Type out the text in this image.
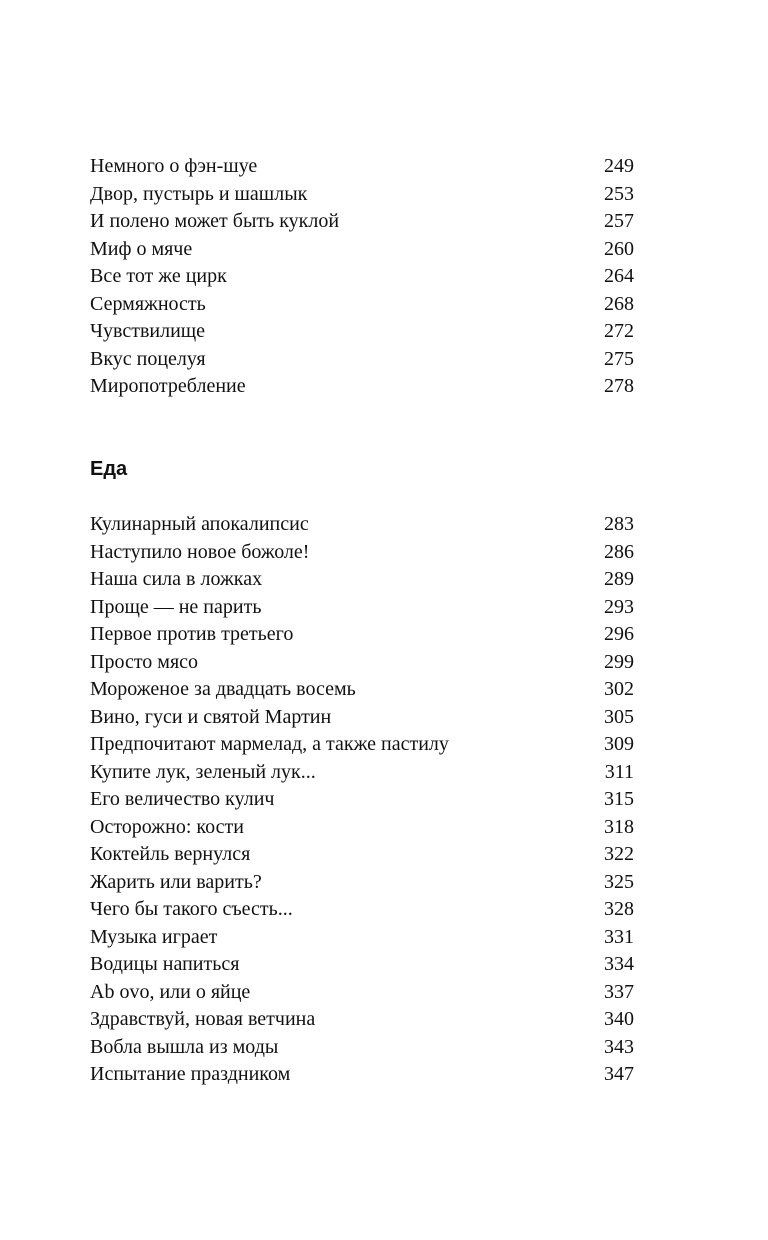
Немного о фэн-шуе	249
Двор, пустырь и шашлык	253
И полено может быть куклой	257
Миф о мяче	260
Все тот же цирк	264
Сермяжность	268
Чувствилище	272
Вкус поцелуя	275
Миропотребление	278
Еда
Кулинарный апокалипсис	283
Наступило новое божоле!	286
Наша сила в ложках	289
Проще — не парить	293
Первое против третьего	296
Просто мясо	299
Мороженое за двадцать восемь	302
Вино, гуси и святой Мартин	305
Предпочитают мармелад, а также пастилу	309
Купите лук, зеленый лук...	311
Его величество кулич	315
Осторожно: кости	318
Коктейль вернулся	322
Жарить или варить?	325
Чего бы такого съесть...	328
Музыка играет	331
Водицы напиться	334
Ab ovo, или о яйце	337
Здравствуй, новая ветчина	340
Вобла вышла из моды	343
Испытание праздником	347
